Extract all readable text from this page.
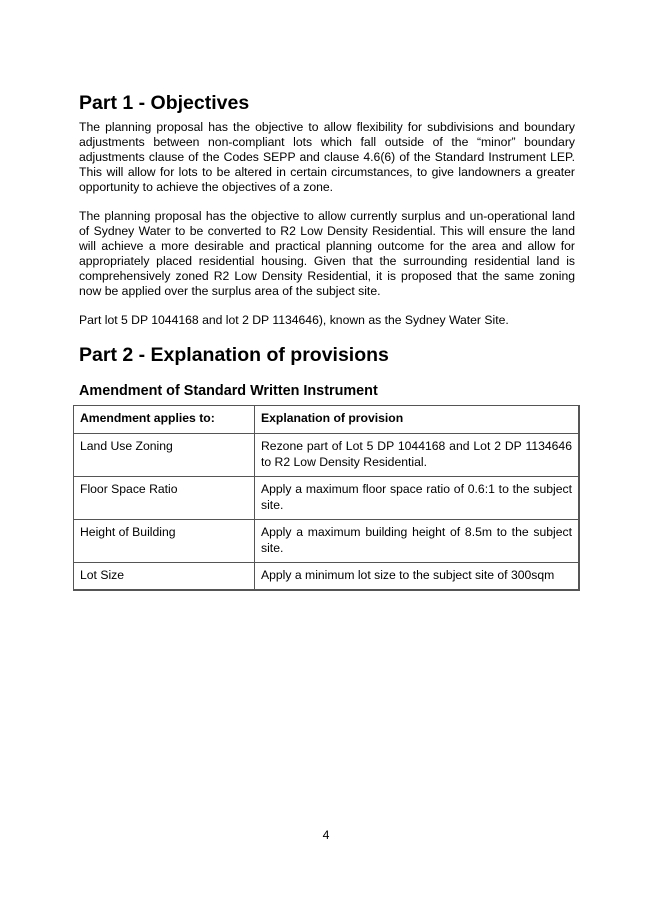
Part 1 - Objectives

The planning proposal has the objective to allow flexibility for subdivisions and boundary adjustments between non-compliant lots which fall outside of the “minor” boundary adjustments clause of the Codes SEPP and clause 4.6(6) of the Standard Instrument LEP. This will allow for lots to be altered in certain circumstances, to give landowners a greater opportunity to achieve the objectives of a zone.

The planning proposal has the objective to allow currently surplus and un-operational land of Sydney Water to be converted to R2 Low Density Residential. This will ensure the land will achieve a more desirable and practical planning outcome for the area and allow for appropriately placed residential housing. Given that the surrounding residential land is comprehensively zoned R2 Low Density Residential, it is proposed that the same zoning now be applied over the surplus area of the subject site.

Part lot 5 DP 1044168 and lot 2 DP 1134646), known as the Sydney Water Site.

Part 2 - Explanation of provisions
Amendment of Standard Written Instrument
Amendment applies to:	Explanation of provision
Land Use Zoning	Rezone part of Lot 5 DP 1044168 and Lot 2 DP 1134646 to R2 Low Density Residential.
Floor Space Ratio	Apply a maximum floor space ratio of 0.6:1 to the subject site.
Height of Building	Apply a maximum building height of 8.5m to the subject site.
Lot Size	Apply a minimum lot size to the subject site of 300sqm
4
